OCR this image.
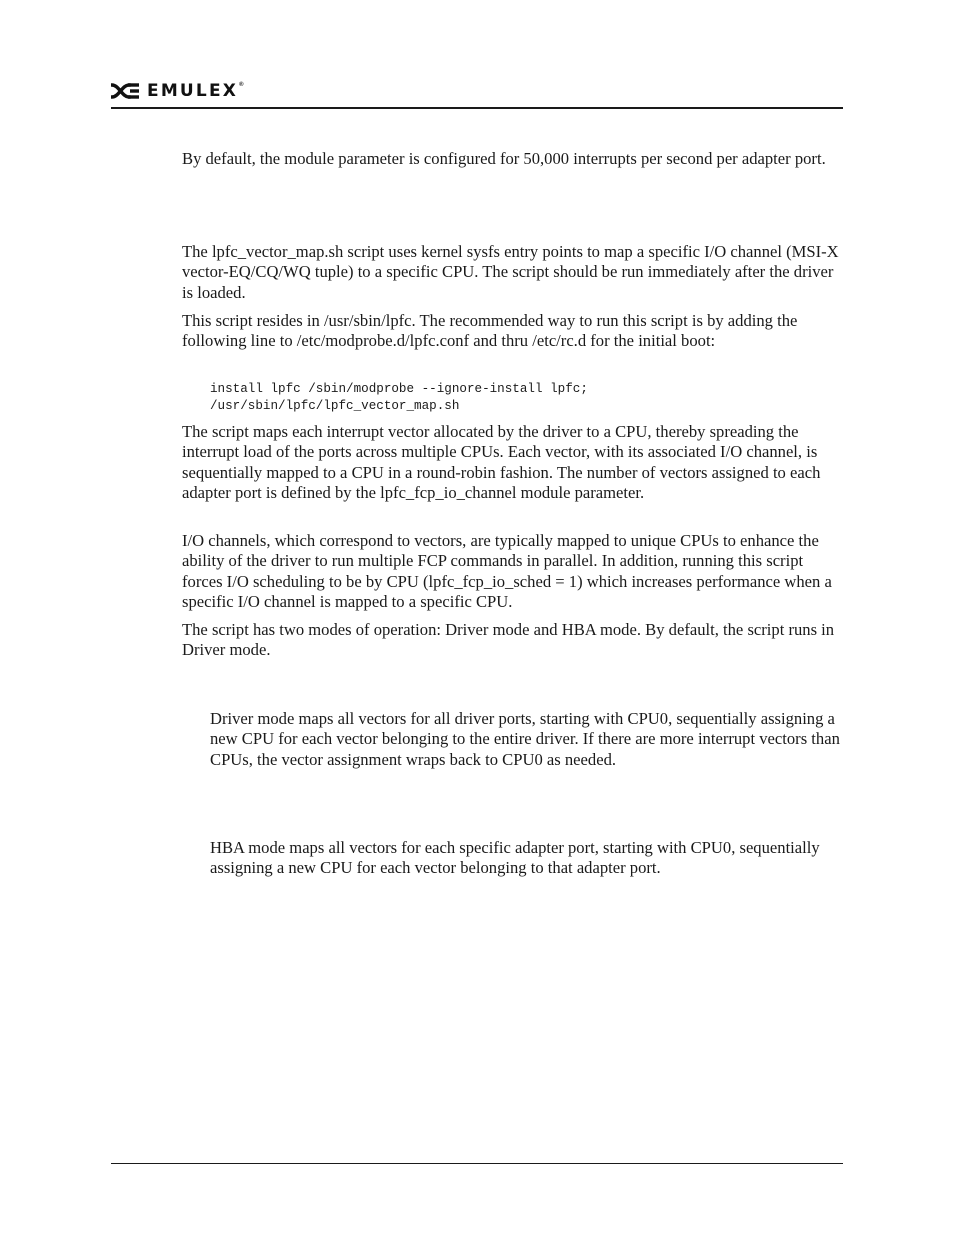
EMULEX®

By default, the module parameter is configured for 50,000 interrupts per second per adapter port.

The lpfc_vector_map.sh script uses kernel sysfs entry points to map a specific I/O channel (MSI-X vector-EQ/CQ/WQ tuple) to a specific CPU. The script should be run immediately after the driver is loaded.

This script resides in /usr/sbin/lpfc. The recommended way to run this script is by adding the following line to /etc/modprobe.d/lpfc.conf and thru /etc/rc.d for the initial boot:

install lpfc /sbin/modprobe --ignore-install lpfc;
/usr/sbin/lpfc/lpfc_vector_map.sh

The script maps each interrupt vector allocated by the driver to a CPU, thereby spreading the interrupt load of the ports across multiple CPUs. Each vector, with its associated I/O channel, is sequentially mapped to a CPU in a round-robin fashion. The number of vectors assigned to each adapter port is defined by the lpfc_fcp_io_channel module parameter.

I/O channels, which correspond to vectors, are typically mapped to unique CPUs to enhance the ability of the driver to run multiple FCP commands in parallel. In addition, running this script forces I/O scheduling to be by CPU (lpfc_fcp_io_sched = 1) which increases performance when a specific I/O channel is mapped to a specific CPU.

The script has two modes of operation: Driver mode and HBA mode. By default, the script runs in Driver mode.

Driver mode maps all vectors for all driver ports, starting with CPU0, sequentially assigning a new CPU for each vector belonging to the entire driver. If there are more interrupt vectors than CPUs, the vector assignment wraps back to CPU0 as needed.

HBA mode maps all vectors for each specific adapter port, starting with CPU0, sequentially assigning a new CPU for each vector belonging to that adapter port.
